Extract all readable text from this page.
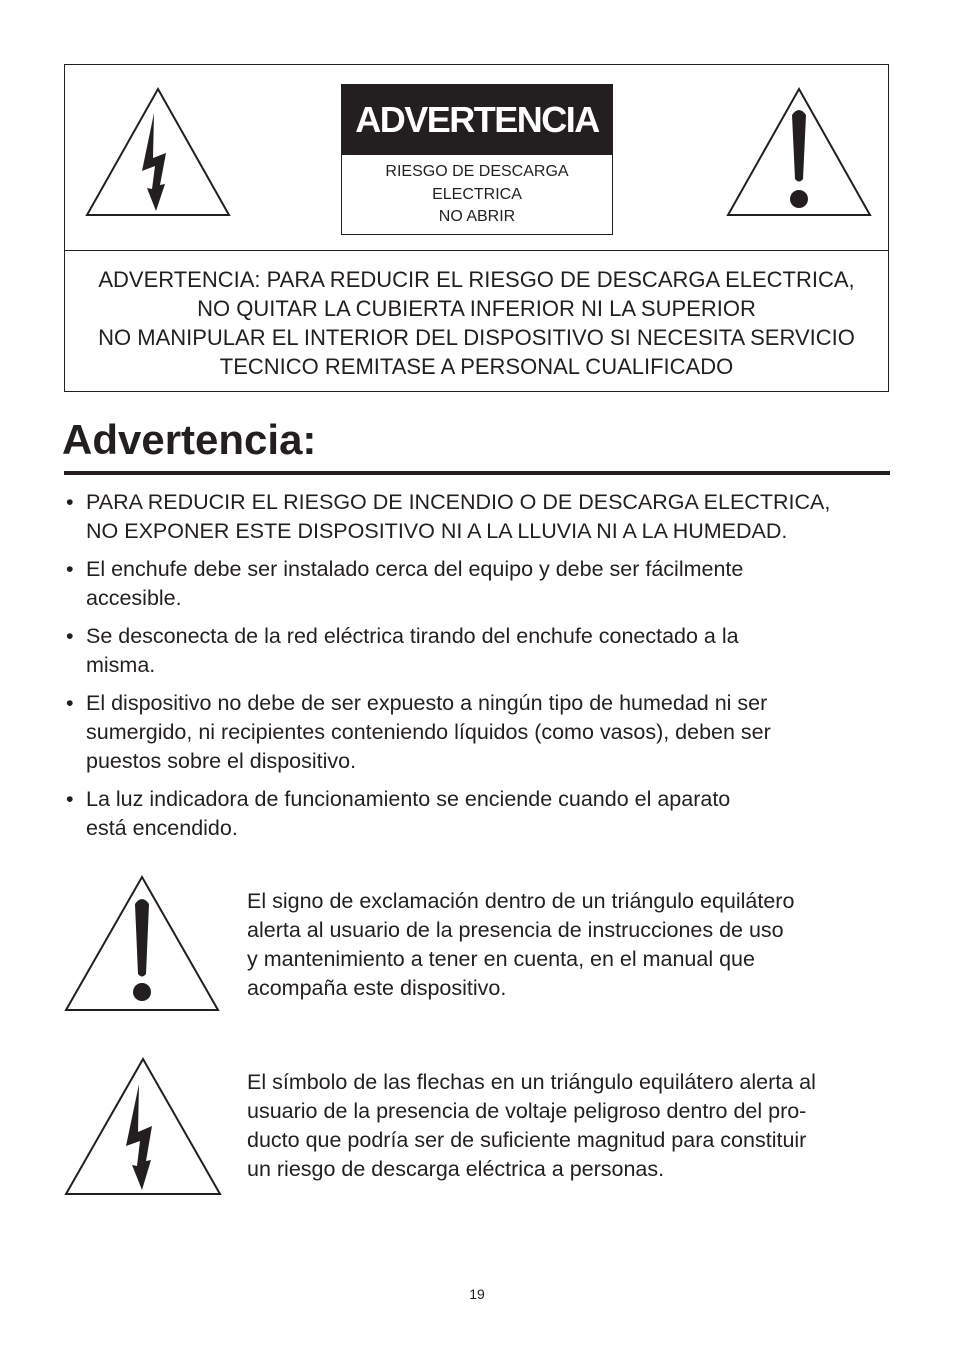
ADVERTENCIA
RIESGO DE DESCARGA
ELECTRICA
NO ABRIR
ADVERTENCIA: PARA REDUCIR EL RIESGO DE DESCARGA ELECTRICA,
NO QUITAR LA CUBIERTA INFERIOR NI LA SUPERIOR
NO MANIPULAR EL INTERIOR DEL DISPOSITIVO SI NECESITA SERVICIO
TECNICO REMITASE A PERSONAL CUALIFICADO
Advertencia:
• PARA REDUCIR EL RIESGO DE INCENDIO O DE DESCARGA ELECTRICA,
NO EXPONER ESTE DISPOSITIVO NI A LA LLUVIA NI A LA HUMEDAD.
• El enchufe debe ser instalado cerca del equipo y debe ser fácilmente
accesible.
• Se desconecta de la red eléctrica tirando del enchufe conectado a la
misma.
• El dispositivo no debe de ser expuesto a ningún tipo de humedad ni ser
sumergido, ni recipientes conteniendo líquidos (como vasos), deben ser
puestos sobre el dispositivo.
• La luz indicadora de funcionamiento se enciende cuando el aparato
está encendido.
El signo de exclamación dentro de un triángulo equilátero
alerta al usuario de la presencia de instrucciones de uso
y mantenimiento a tener en cuenta, en el manual que
acompaña este dispositivo.
El símbolo de las flechas en un triángulo equilátero alerta al
usuario de la presencia de voltaje peligroso dentro del pro-
ducto que podría ser de suficiente magnitud para constituir
un riesgo de descarga eléctrica a personas.
19
